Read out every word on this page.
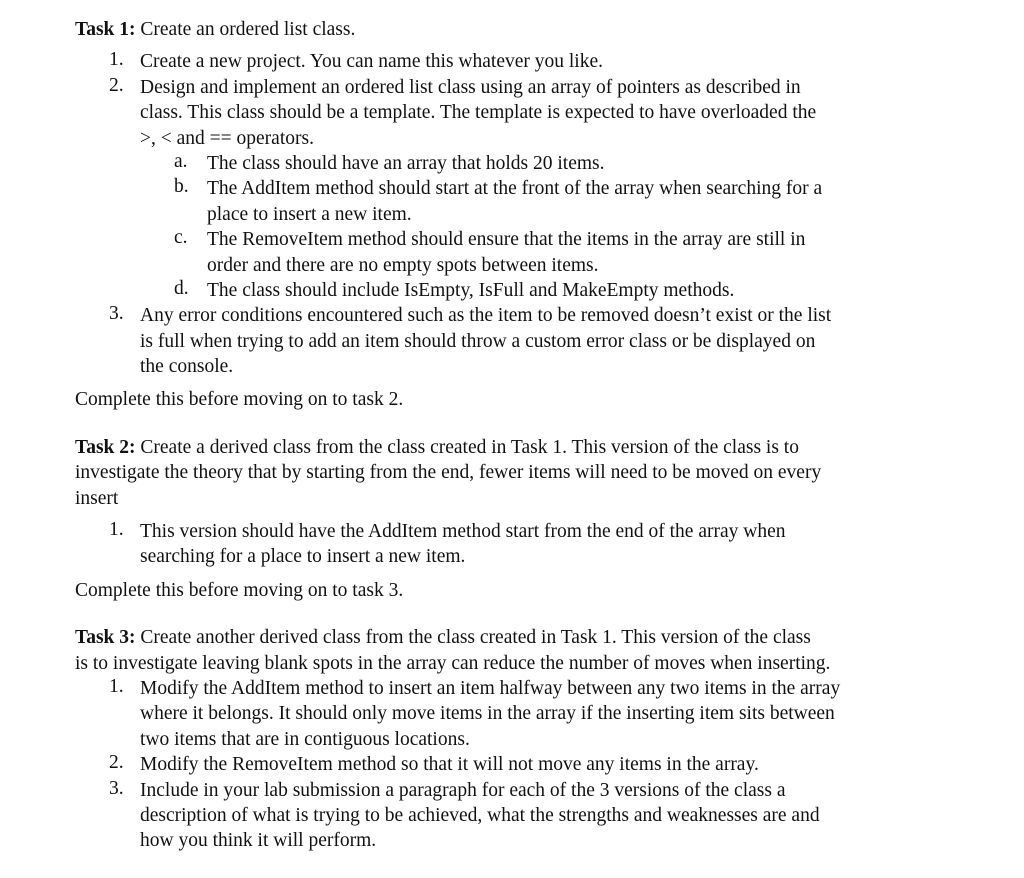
Task 1: Create an ordered list class.
1. Create a new project. You can name this whatever you like.
2. Design and implement an ordered list class using an array of pointers as described in
class. This class should be a template. The template is expected to have overloaded the
>, < and == operators.
a. The class should have an array that holds 20 items.
b. The AddItem method should start at the front of the array when searching for a
place to insert a new item.
c. The RemoveItem method should ensure that the items in the array are still in
order and there are no empty spots between items.
d. The class should include IsEmpty, IsFull and MakeEmpty methods.
3. Any error conditions encountered such as the item to be removed doesn’t exist or the list
is full when trying to add an item should throw a custom error class or be displayed on
the console.
Complete this before moving on to task 2.
Task 2: Create a derived class from the class created in Task 1. This version of the class is to
investigate the theory that by starting from the end, fewer items will need to be moved on every
insert
1. This version should have the AddItem method start from the end of the array when
searching for a place to insert a new item.
Complete this before moving on to task 3.
Task 3: Create another derived class from the class created in Task 1. This version of the class
is to investigate leaving blank spots in the array can reduce the number of moves when inserting.
1. Modify the AddItem method to insert an item halfway between any two items in the array
where it belongs. It should only move items in the array if the inserting item sits between
two items that are in contiguous locations.
2. Modify the RemoveItem method so that it will not move any items in the array.
3. Include in your lab submission a paragraph for each of the 3 versions of the class a
description of what is trying to be achieved, what the strengths and weaknesses are and
how you think it will perform.
